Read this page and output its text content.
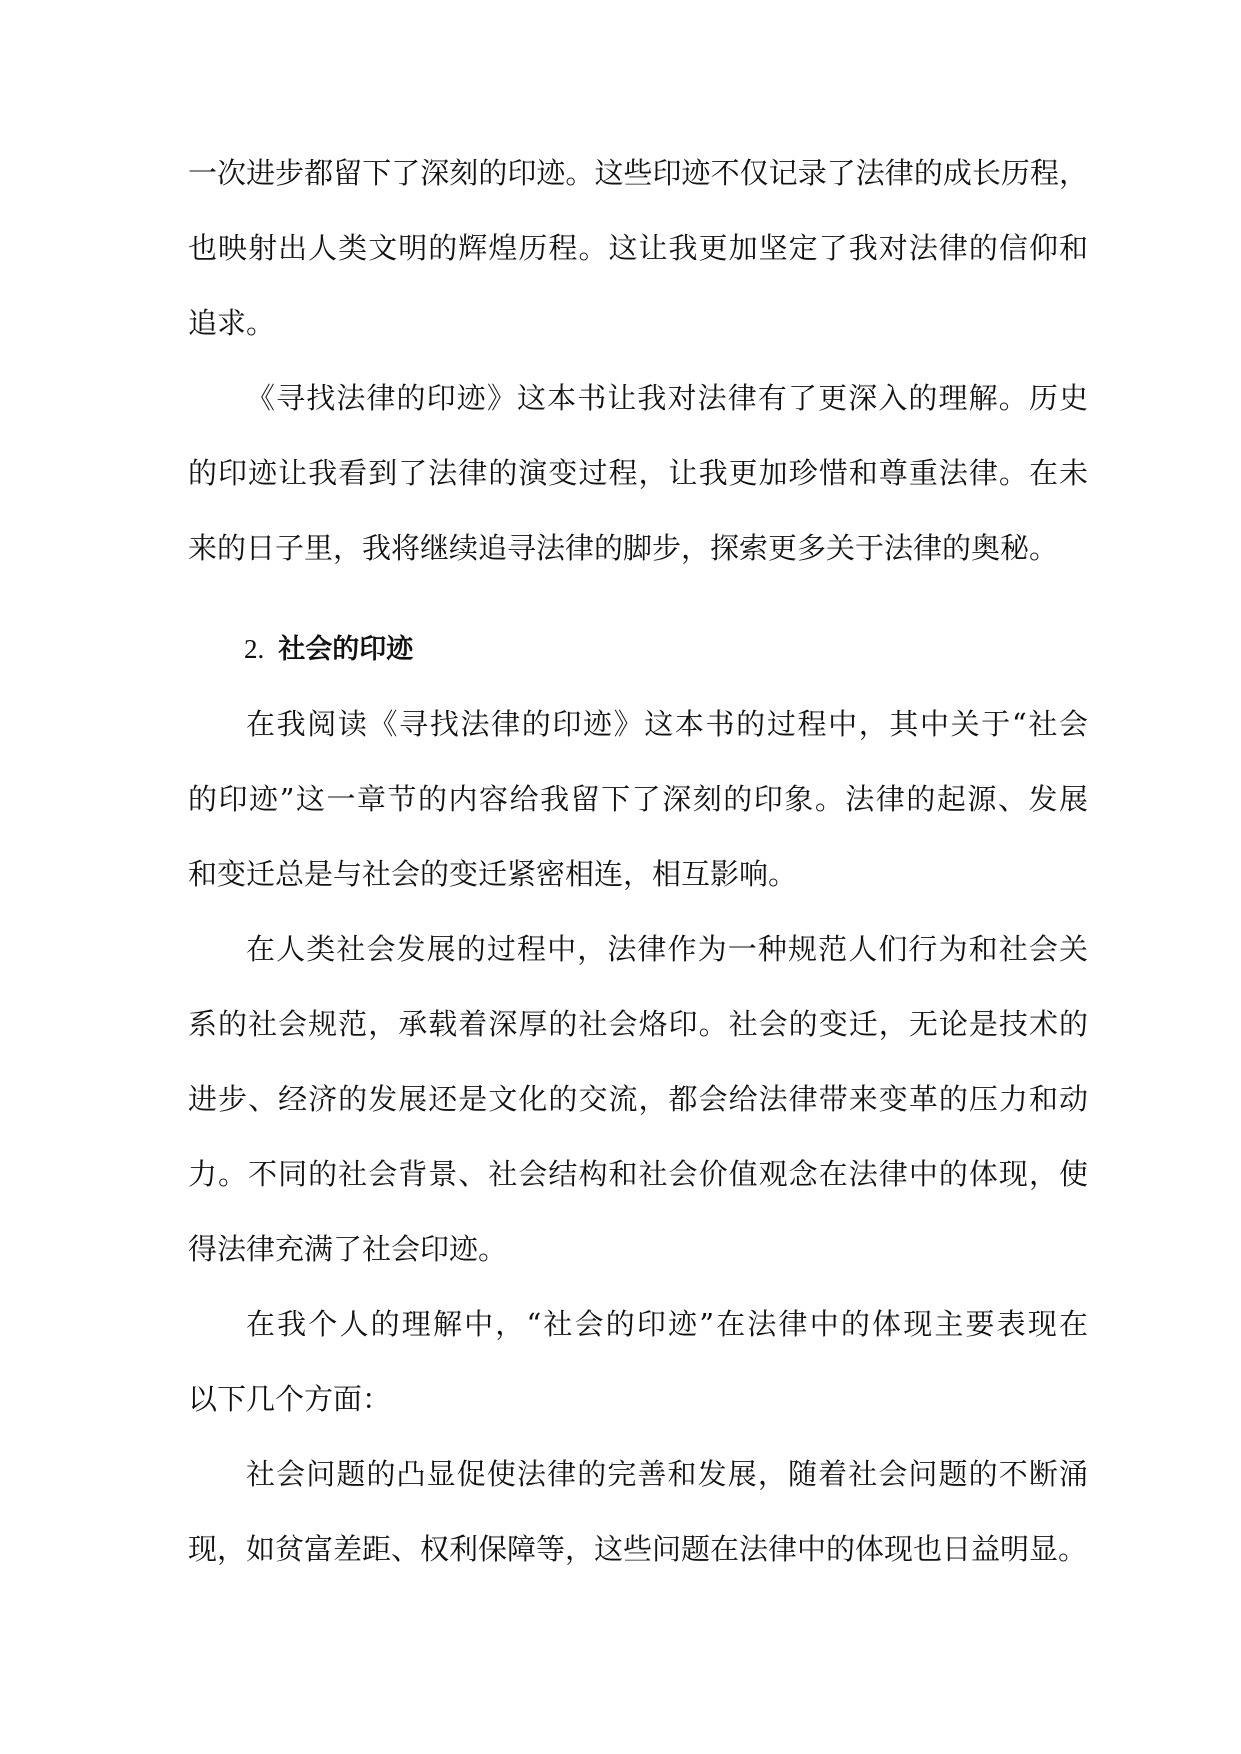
一次进步都留下了深刻的印迹。这些印迹不仅记录了法律的成长历程，
也映射出人类文明的辉煌历程。这让我更加坚定了我对法律的信仰和
追求。
《寻找法律的印迹》这本书让我对法律有了更深入的理解。历史
的印迹让我看到了法律的演变过程，让我更加珍惜和尊重法律。在未
来的日子里，我将继续追寻法律的脚步，探索更多关于法律的奥秘。
2. 社会的印迹
在我阅读《寻找法律的印迹》这本书的过程中，其中关于“社会
的印迹”这一章节的内容给我留下了深刻的印象。法律的起源、发展
和变迁总是与社会的变迁紧密相连，相互影响。
在人类社会发展的过程中，法律作为一种规范人们行为和社会关
系的社会规范，承载着深厚的社会烙印。社会的变迁，无论是技术的
进步、经济的发展还是文化的交流，都会给法律带来变革的压力和动
力。不同的社会背景、社会结构和社会价值观念在法律中的体现，使
得法律充满了社会印迹。
在我个人的理解中，“社会的印迹”在法律中的体现主要表现在
以下几个方面：
社会问题的凸显促使法律的完善和发展，随着社会问题的不断涌
现，如贫富差距、权利保障等，这些问题在法律中的体现也日益明显。
